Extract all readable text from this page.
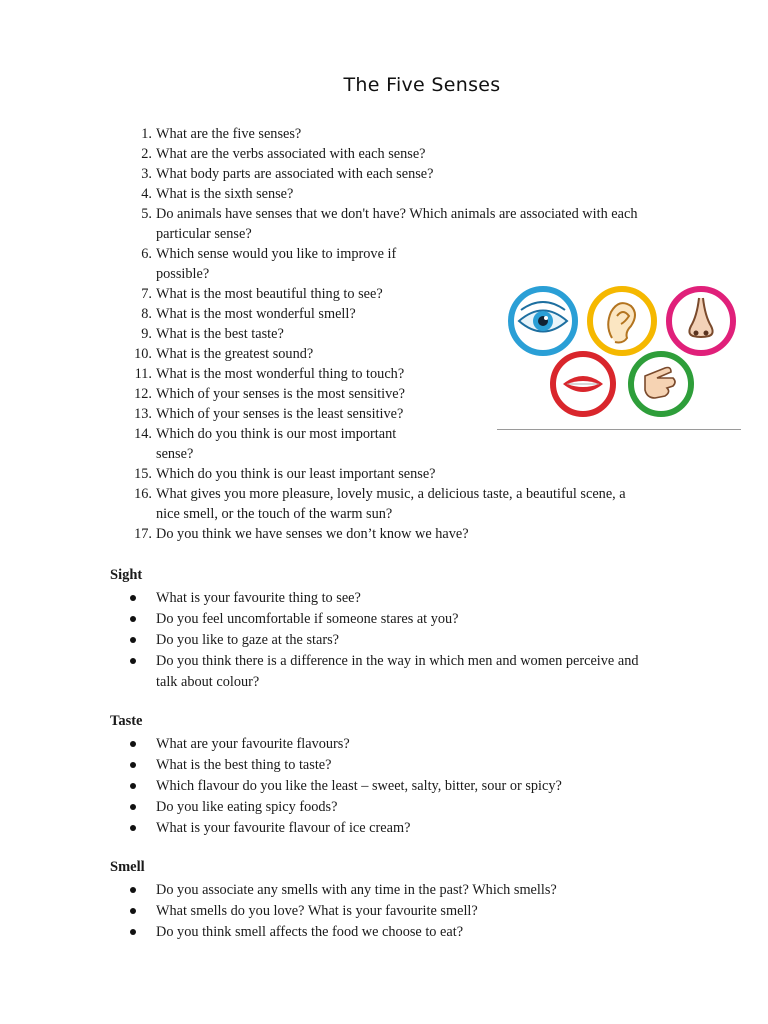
The Five Senses
1. What are the five senses?
2. What are the verbs associated with each sense?
3. What body parts are associated with each sense?
4. What is the sixth sense?
5. Do animals have senses that we don't have? Which animals are associated with each
particular sense?
6. Which sense would you like to improve if
possible?
7. What is the most beautiful thing to see?
8. What is the most wonderful smell?
9. What is the best taste?
10. What is the greatest sound?
11. What is the most wonderful thing to touch?
12. Which of your senses is the most sensitive?
13. Which of your senses is the least sensitive?
14. Which do you think is our most important
sense?
15. Which do you think is our least important sense?
16. What gives you more pleasure, lovely music, a delicious taste, a beautiful scene, a
nice smell, or the touch of the warm sun?
17. Do you think we have senses we don’t know we have?
Sight
What is your favourite thing to see?
Do you feel uncomfortable if someone stares at you?
Do you like to gaze at the stars?
Do you think there is a difference in the way in which men and women perceive and
talk about colour?
Taste
What are your favourite flavours?
What is the best thing to taste?
Which flavour do you like the least – sweet, salty, bitter, sour or spicy?
Do you like eating spicy foods?
What is your favourite flavour of ice cream?
Smell
Do you associate any smells with any time in the past? Which smells?
What smells do you love? What is your favourite smell?
Do you think smell affects the food we choose to eat?
